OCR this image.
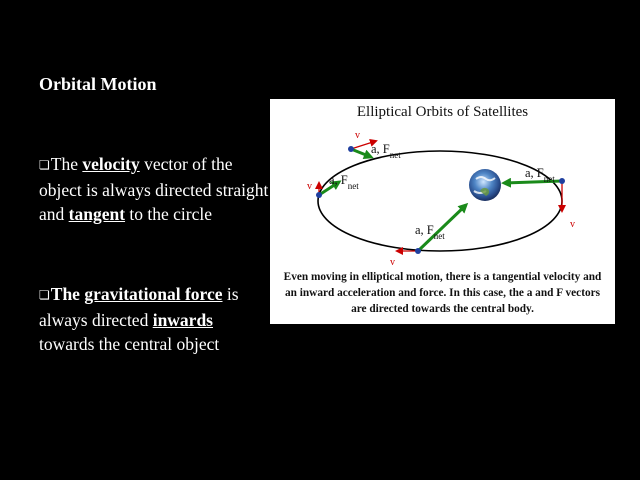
Orbital Motion

❏The velocity vector of the object is always directed straight and tangent to the circle

❏The gravitational force is always directed inwards towards the central object

Elliptical Orbits of Satellites

v
a, $F_{net}$
v a, $F_{net}$
v
a, $F_{net}$
v
a, $F_{net}$

Even moving in elliptical motion, there is a tangential velocity and an inward acceleration and force. In this case, the a and F vectors are directed towards the central body.
